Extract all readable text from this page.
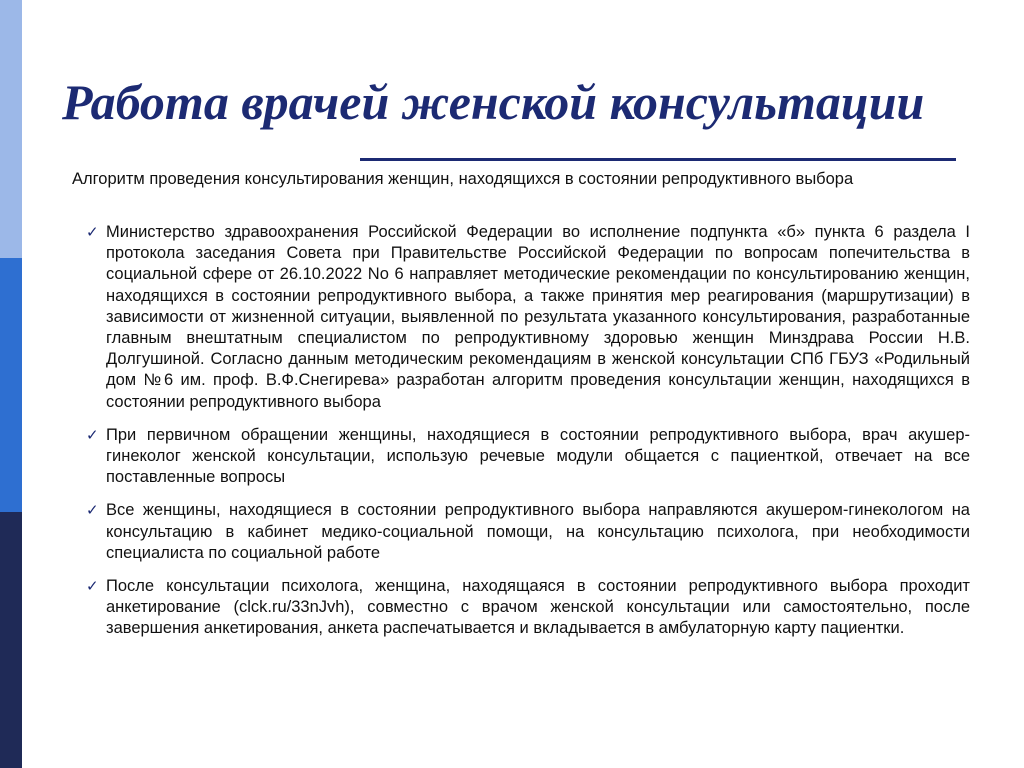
Работа врачей женской консультации
Алгоритм проведения консультирования женщин, находящихся в состоянии репродуктивного выбора
✓ Министерство здравоохранения Российской Федерации во исполнение подпункта «б» пункта 6 раздела I протокола заседания Совета при Правительстве Российской Федерации по вопросам попечительства в социальной сфере от 26.10.2022 No 6 направляет методические рекомендации по консультированию женщин, находящихся в состоянии репродуктивного выбора, а также принятия мер реагирования (маршрутизации) в зависимости от жизненной ситуации, выявленной по результата указанного консультирования, разработанные главным внештатным специалистом по репродуктивному здоровью женщин Минздрава России Н.В. Долгушиной. Согласно данным методическим рекомендациям в женской консультации СПб ГБУЗ «Родильный дом №6 им. проф. В.Ф.Снегирева» разработан алгоритм проведения консультации женщин, находящихся в состоянии репродуктивного выбора
✓ При первичном обращении женщины, находящиеся в состоянии репродуктивного выбора, врач акушер-гинеколог женской консультации, использую речевые модули общается с пациенткой, отвечает на все поставленные вопросы
✓ Все женщины, находящиеся в состоянии репродуктивного выбора направляются акушером-гинекологом на консультацию в кабинет медико-социальной помощи, на консультацию психолога, при необходимости специалиста по социальной работе
✓ После консультации психолога, женщина, находящаяся в состоянии репродуктивного выбора проходит анкетирование (clck.ru/33nJvh), совместно с врачом женской консультации или самостоятельно, после завершения анкетирования, анкета распечатывается и вкладывается в амбулаторную карту пациентки.
